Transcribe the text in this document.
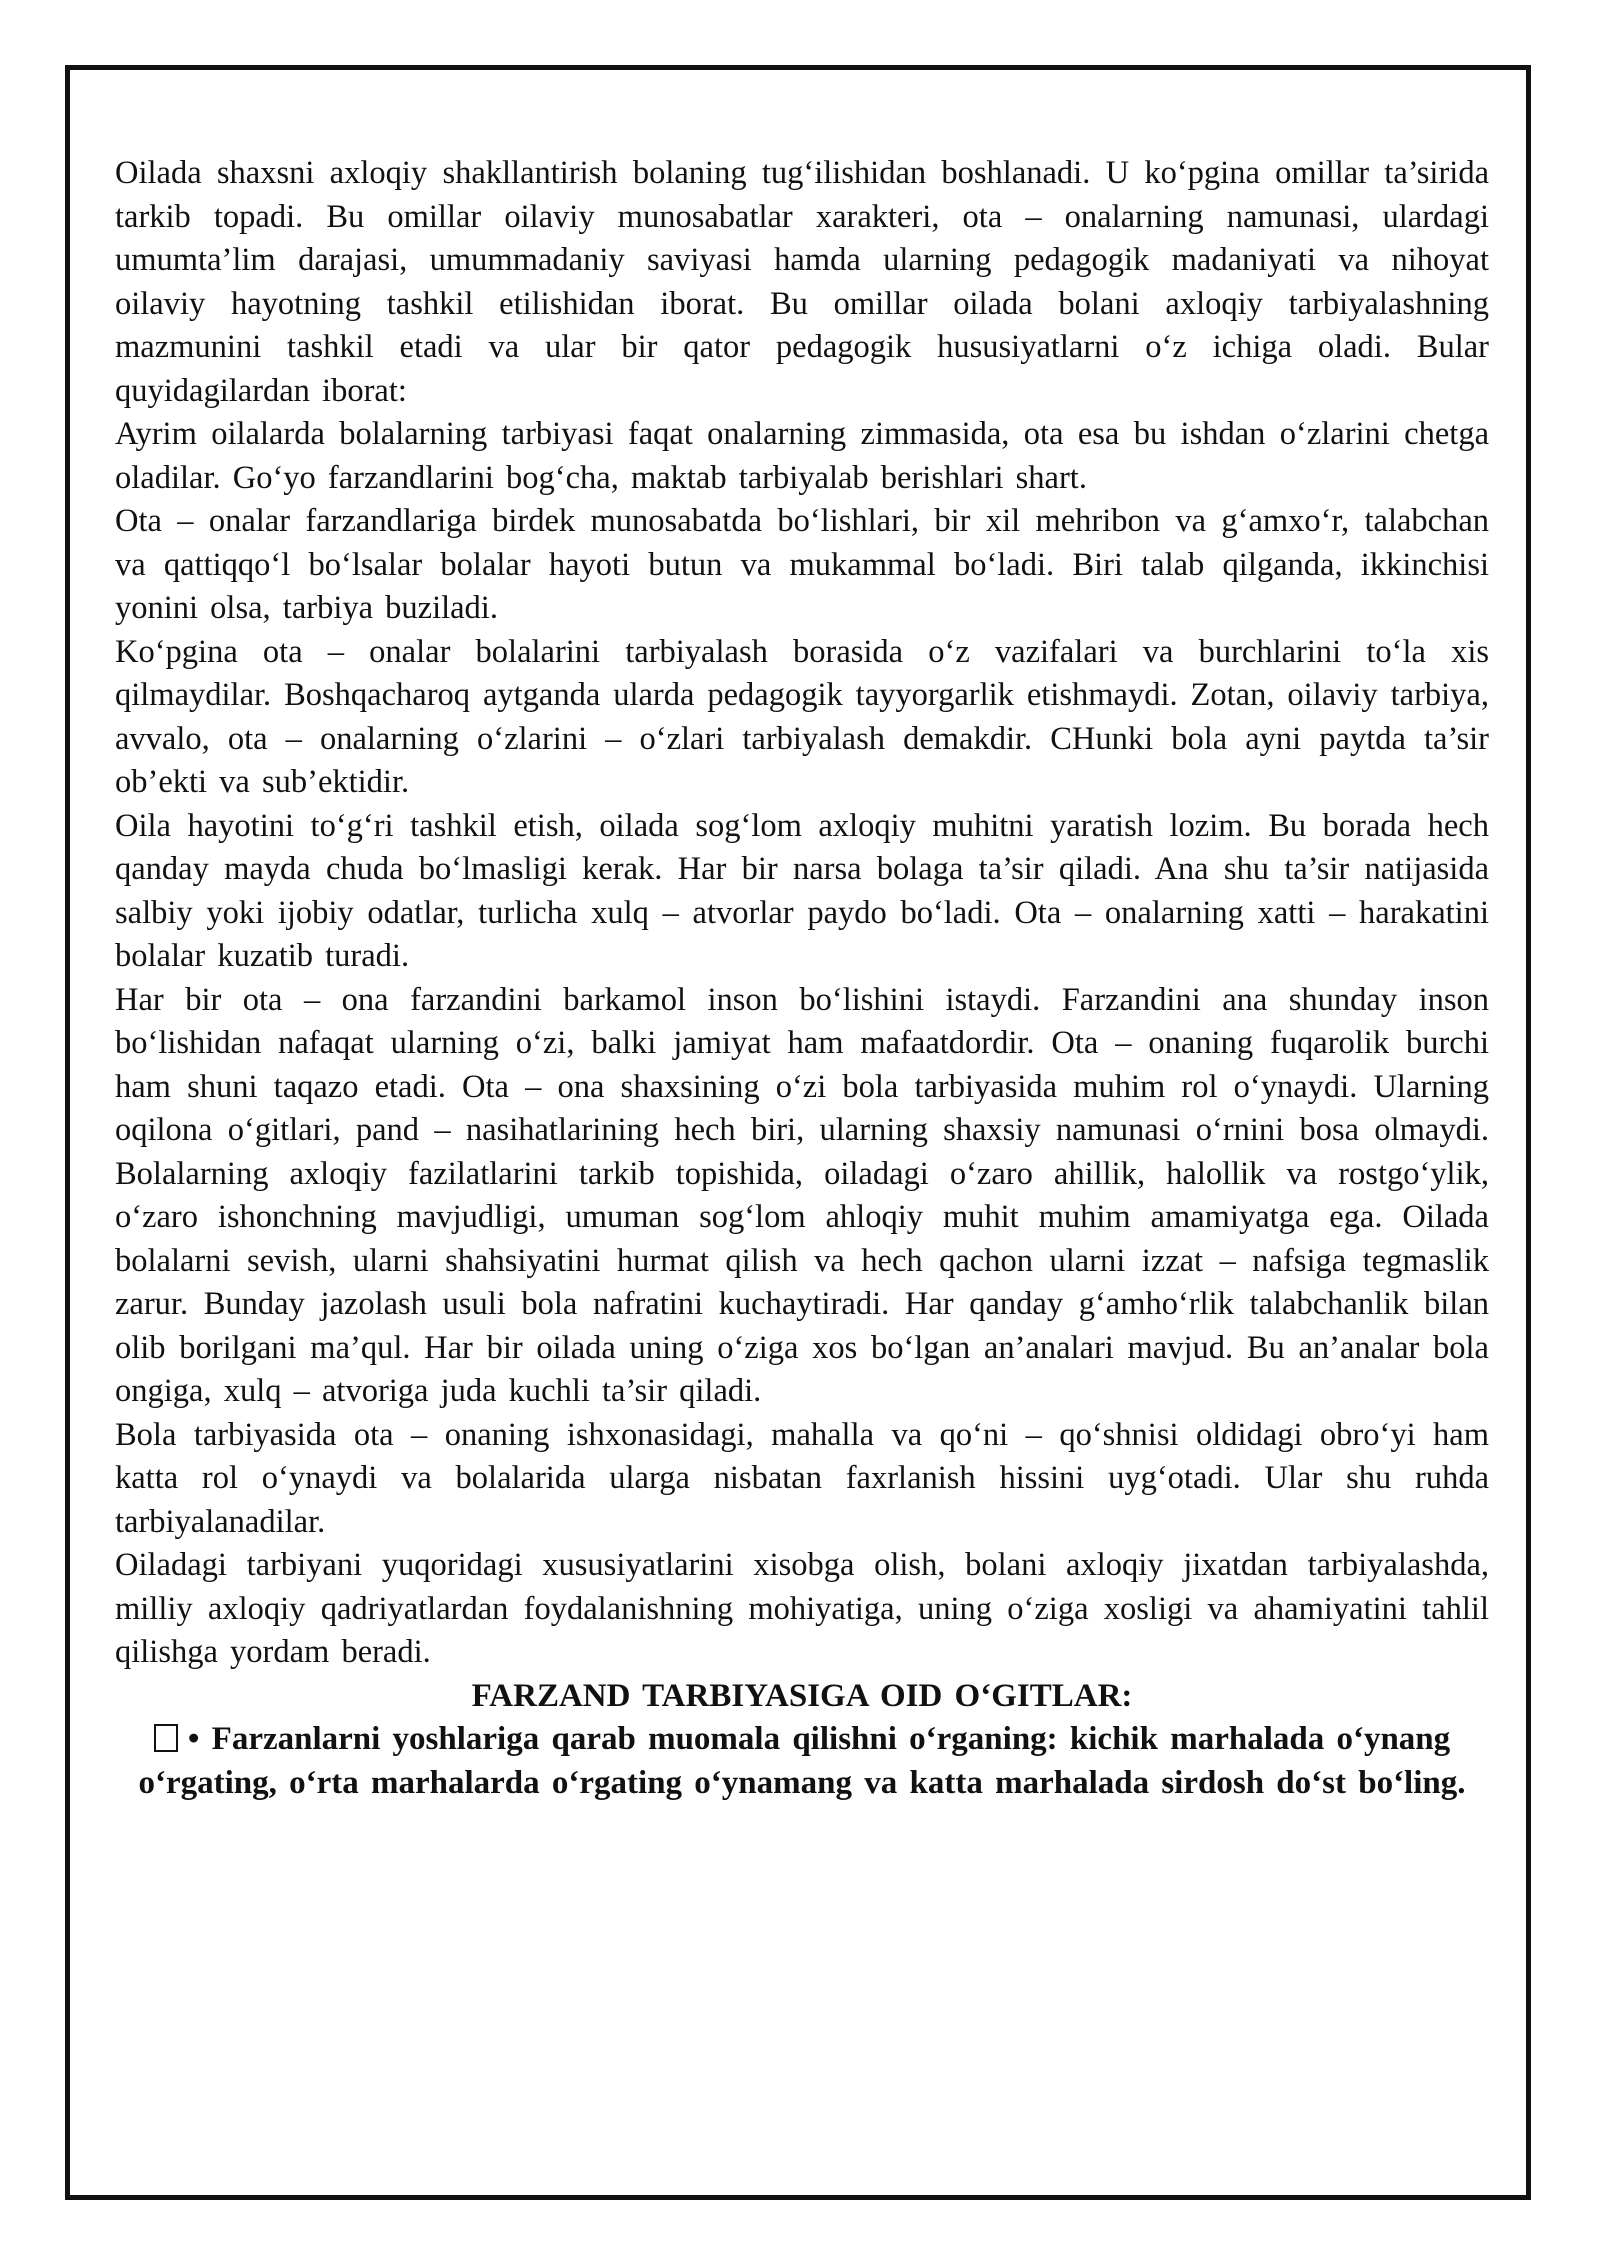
Oilada shaxsni axloqiy shakllantirish bolaning tug‘ilishidan boshlanadi. U ko‘pgina omillar ta’sirida tarkib topadi. Bu omillar oilaviy munosabatlar xarakteri, ota – onalarning namunasi, ulardagi umumta’lim darajasi, umummadaniy saviyasi hamda ularning pedagogik madaniyati va nihoyat oilaviy hayotning tashkil etilishidan iborat. Bu omillar oilada bolani axloqiy tarbiyalashning mazmunini tashkil etadi va ular bir qator pedagogik hususiyatlarni o‘z ichiga oladi. Bular quyidagilardan iborat:

Ayrim oilalarda bolalarning tarbiyasi faqat onalarning zimmasida, ota esa bu ishdan o‘zlarini chetga oladilar. Go‘yo farzandlarini bog‘cha, maktab tarbiyalab berishlari shart.

Ota – onalar farzandlariga birdek munosabatda bo‘lishlari, bir xil mehribon va g‘amxo‘r, talabchan va qattiqqo‘l bo‘lsalar bolalar hayoti butun va mukammal bo‘ladi. Biri talab qilganda, ikkinchisi yonini olsa, tarbiya buziladi.

Ko‘pgina ota – onalar bolalarini tarbiyalash borasida o‘z vazifalari va burchlarini to‘la xis qilmaydilar. Boshqacharoq aytganda ularda pedagogik tayyorgarlik etishmaydi. Zotan, oilaviy tarbiya, avvalo, ota – onalarning o‘zlarini – o‘zlari tarbiyalash demakdir. CHunki bola ayni paytda ta’sir ob’ekti va sub’ektidir.

Oila hayotini to‘g‘ri tashkil etish, oilada sog‘lom axloqiy muhitni yaratish lozim. Bu borada hech qanday mayda chuda bo‘lmasligi kerak. Har bir narsa bolaga ta’sir qiladi. Ana shu ta’sir natijasida salbiy yoki ijobiy odatlar, turlicha xulq – atvorlar paydo bo‘ladi. Ota – onalarning xatti – harakatini bolalar kuzatib turadi.

Har bir ota – ona farzandini barkamol inson bo‘lishini istaydi. Farzandini ana shunday inson bo‘lishidan nafaqat ularning o‘zi, balki jamiyat ham mafaatdordir. Ota – onaning fuqarolik burchi ham shuni taqazo etadi. Ota – ona shaxsining o‘zi bola tarbiyasida muhim rol o‘ynaydi. Ularning oqilona o‘gitlari, pand – nasihatlarining hech biri, ularning shaxsiy namunasi o‘rnini bosa olmaydi. Bolalarning axloqiy fazilatlarini tarkib topishida, oiladagi o‘zaro ahillik, halollik va rostgo‘ylik, o‘zaro ishonchning mavjudligi, umuman sog‘lom ahloqiy muhit muhim amamiyatga ega. Oilada bolalarni sevish, ularni shahsiyatini hurmat qilish va hech qachon ularni izzat – nafsiga tegmaslik zarur. Bunday jazolash usuli bola nafratini kuchaytiradi. Har qanday g‘amho‘rlik talabchanlik bilan olib borilgani ma’qul. Har bir oilada uning o‘ziga xos bo‘lgan an’analari mavjud. Bu an’analar bola ongiga, xulq – atvoriga juda kuchli ta’sir qiladi.

Bola tarbiyasida ota – onaning ishxonasidagi, mahalla va qo‘ni – qo‘shnisi oldidagi obro‘yi ham katta rol o‘ynaydi va bolalarida ularga nisbatan faxrlanish hissini uyg‘otadi. Ular shu ruhda tarbiyalanadilar.

Oiladagi tarbiyani yuqoridagi xususiyatlarini xisobga olish, bolani axloqiy jixatdan tarbiyalashda, milliy axloqiy qadriyatlardan foydalanishning mohiyatiga, uning o‘ziga xosligi va ahamiyatini tahlil qilishga yordam beradi.

FARZAND TARBIYASIGA OID O‘GITLAR:

• Farzanlarni yoshlariga qarab muomala qilishni o‘rganing: kichik marhalada o‘ynang o‘rgating, o‘rta marhalarda o‘rgating o‘ynamang va katta marhalada sirdosh do‘st bo‘ling.
